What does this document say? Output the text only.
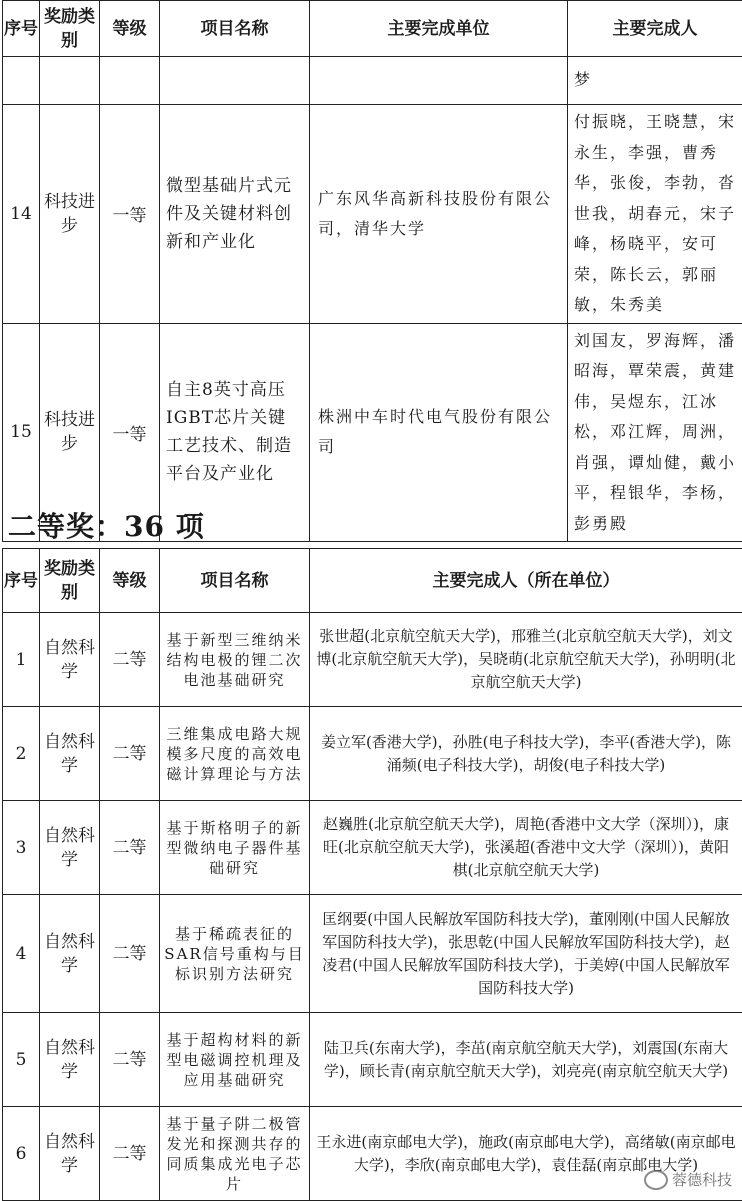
序号	奖励类别	等级	项目名称	主要完成单位	主要完成人
					梦
14	科技进步	一等	微型基础片式元件及关键材料创新和产业化	广东风华高新科技股份有限公司，清华大学	付振晓，王晓慧，宋永生，李强，曹秀华，张俊，李勃，沓世我，胡春元，宋子峰，杨晓平，安可荣，陈长云，郭丽敏，朱秀美
15	科技进步	一等	自主8英寸高压IGBT芯片关键工艺技术、制造平台及产业化	株洲中车时代电气股份有限公司	刘国友，罗海辉，潘昭海，覃荣震，黄建伟，吴煜东，江冰松，邓江辉，周洲，肖强，谭灿健，戴小平，程银华，李杨，彭勇殿
二等奖：36 项
序号	奖励类别	等级	项目名称	主要完成人（所在单位）
1	自然科学	二等	基于新型三维纳米结构电极的锂二次电池基础研究	张世超(北京航空航天大学)，邢雅兰(北京航空航天大学)，刘文博(北京航空航天大学)，吴晓萌(北京航空航天大学)，孙明明(北京航空航天大学)
2	自然科学	二等	三维集成电路大规模多尺度的高效电磁计算理论与方法	姜立军(香港大学)，孙胜(电子科技大学)，李平(香港大学)，陈涌频(电子科技大学)，胡俊(电子科技大学)
3	自然科学	二等	基于斯格明子的新型微纳电子器件基础研究	赵巍胜(北京航空航天大学)，周艳(香港中文大学（深圳）)，康旺(北京航空航天大学)，张溪超(香港中文大学（深圳）)，黄阳棋(北京航空航天大学)
4	自然科学	二等	基于稀疏表征的SAR信号重构与目标识别方法研究	匡纲要(中国人民解放军国防科技大学)，董刚刚(中国人民解放军国防科技大学)，张思乾(中国人民解放军国防科技大学)，赵凌君(中国人民解放军国防科技大学)，于美婷(中国人民解放军国防科技大学)
5	自然科学	二等	基于超构材料的新型电磁调控机理及应用基础研究	陆卫兵(东南大学)，李茁(南京航空航天大学)，刘震国(东南大学)，顾长青(南京航空航天大学)，刘亮亮(南京航空航天大学)
6	自然科学	二等	基于量子阱二极管发光和探测共存的同质集成光电子芯片	王永进(南京邮电大学)，施政(南京邮电大学)，高绪敏(南京邮电大学)，李欣(南京邮电大学)，袁佳磊(南京邮电大学)
蓉德科技
